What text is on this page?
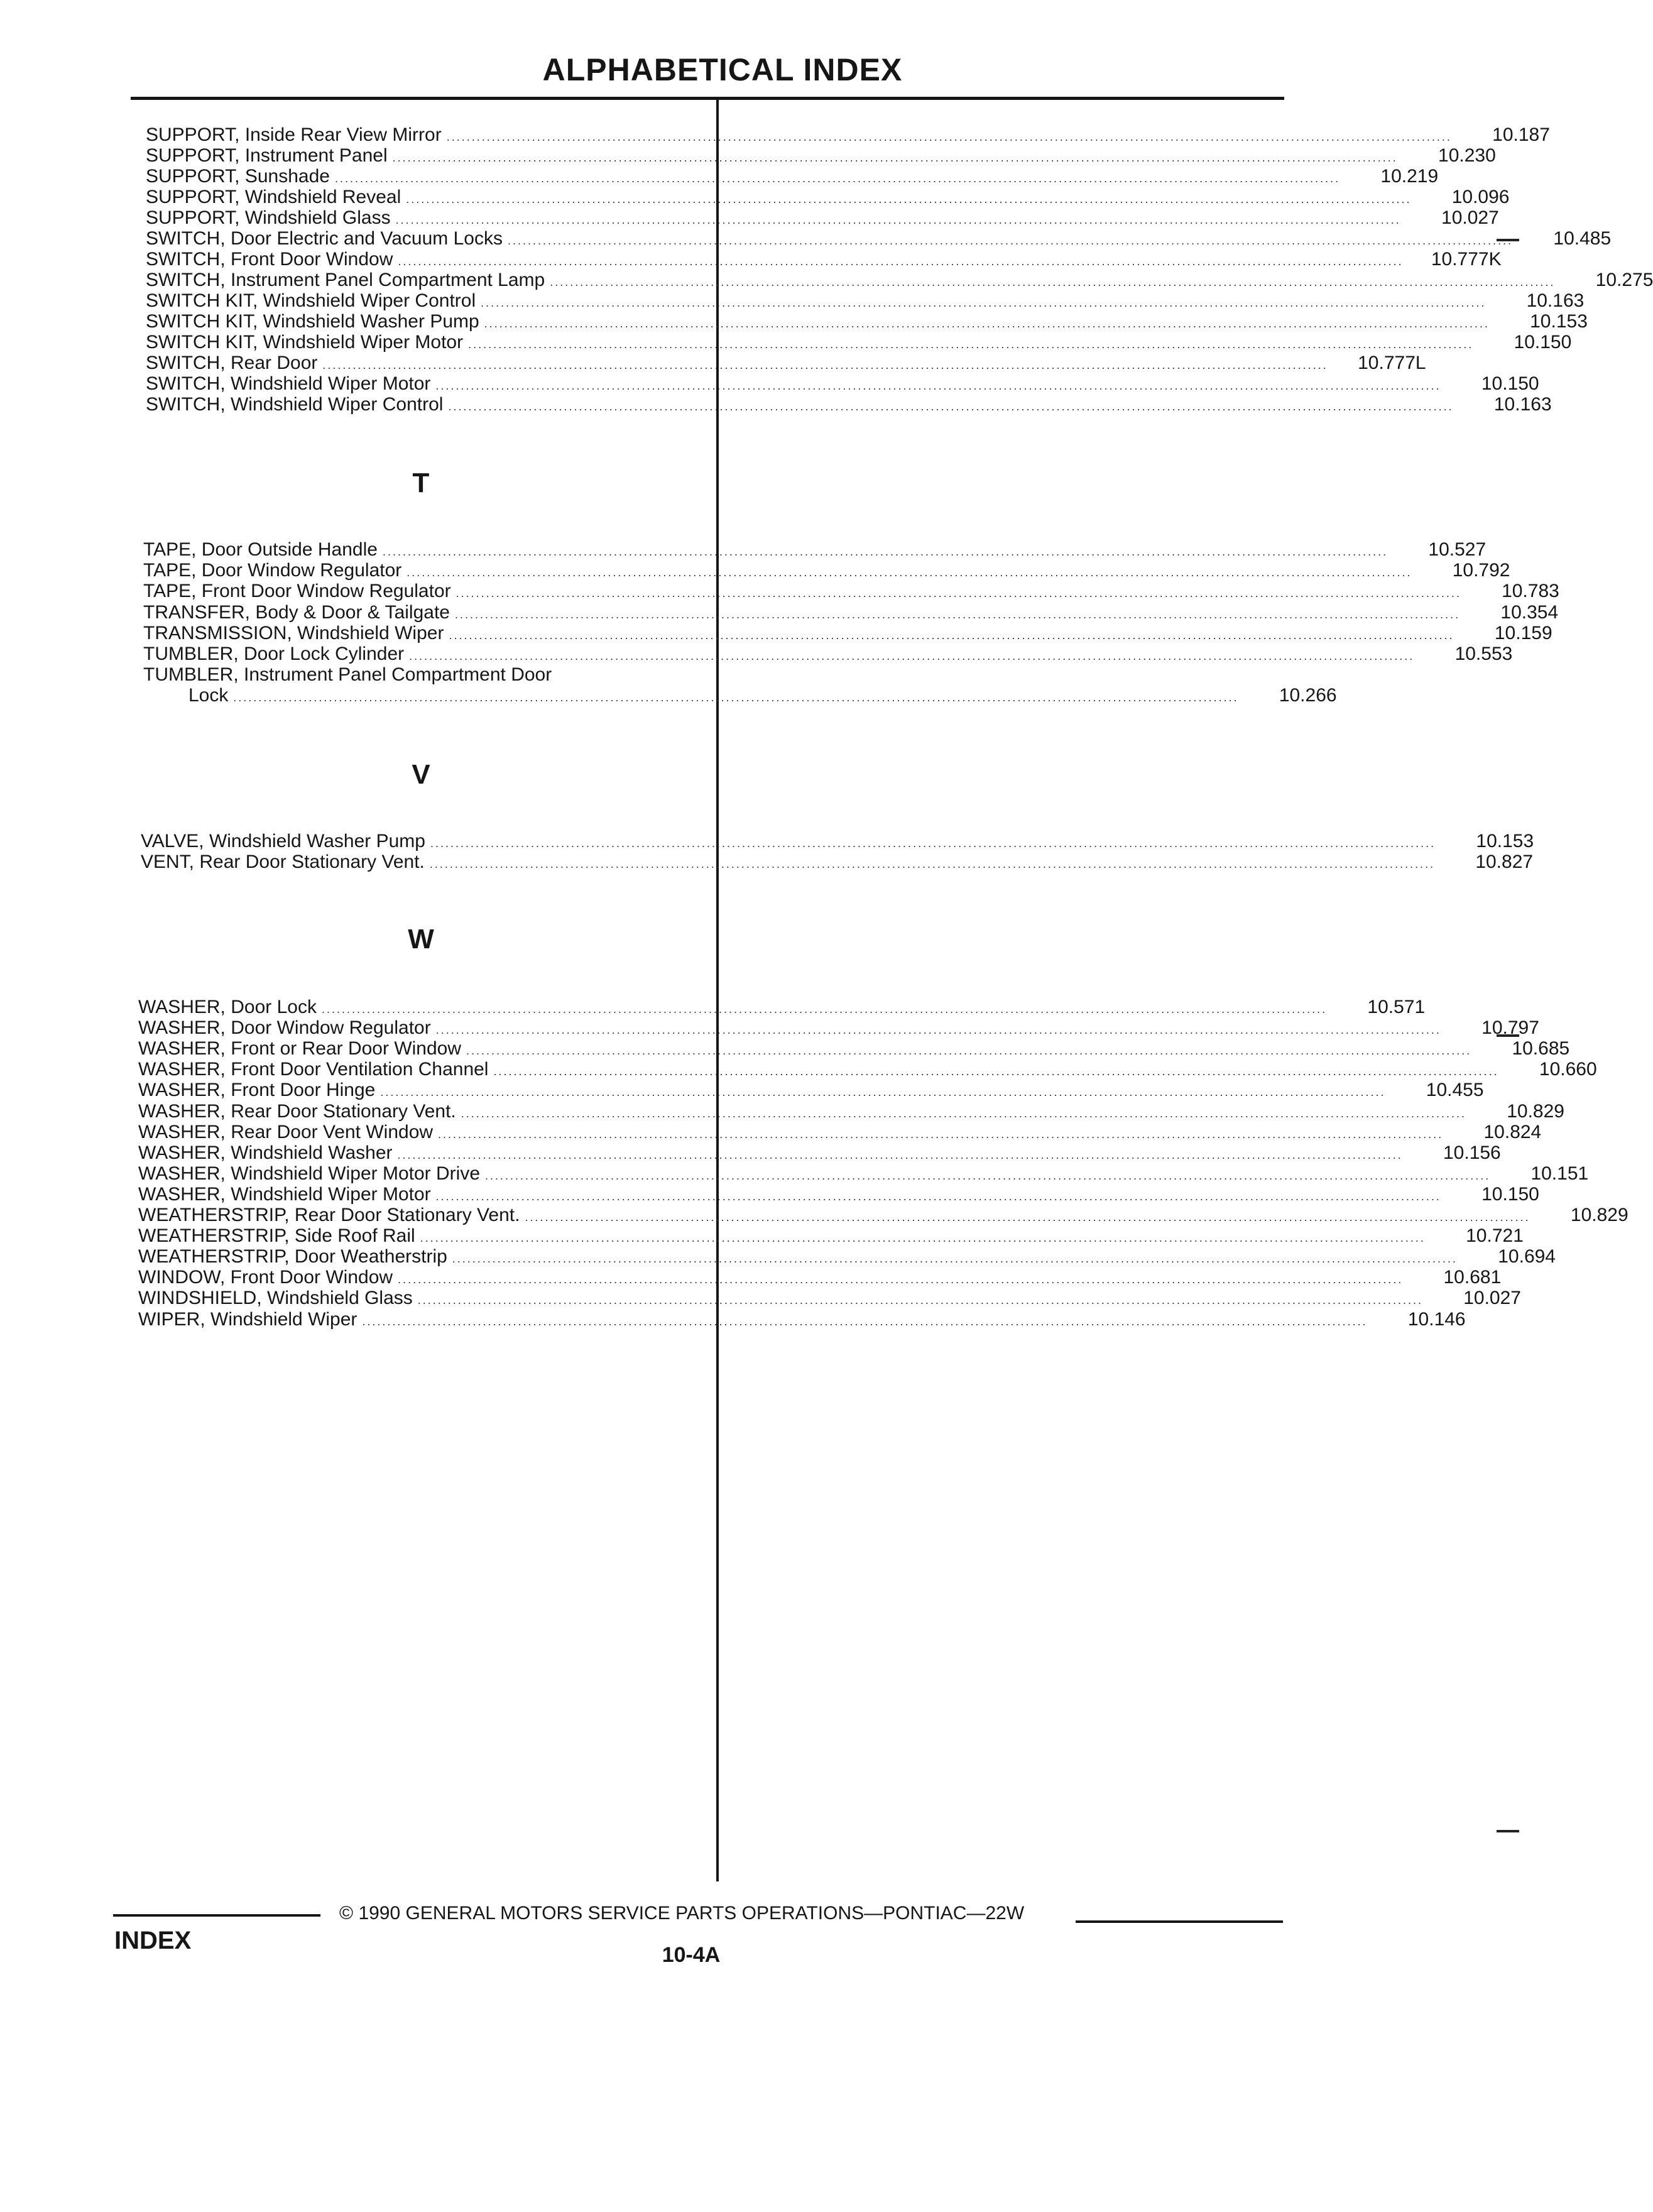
ALPHABETICAL INDEX
SUPPORT, Inside Rear View Mirror ........................................................................................................................................................................................................	10.187
SUPPORT, Instrument Panel ........................................................................................................................................................................................................	10.230
SUPPORT, Sunshade ........................................................................................................................................................................................................	10.219
SUPPORT, Windshield Reveal ........................................................................................................................................................................................................	10.096
SUPPORT, Windshield Glass ........................................................................................................................................................................................................	10.027
SWITCH, Door Electric and Vacuum Locks ........................................................................................................................................................................................................	10.485
SWITCH, Front Door Window ........................................................................................................................................................................................................	10.777K
SWITCH, Instrument Panel Compartment Lamp ........................................................................................................................................................................................................	10.275
SWITCH KIT, Windshield Wiper Control ........................................................................................................................................................................................................	10.163
SWITCH KIT, Windshield Washer Pump ........................................................................................................................................................................................................	10.153
SWITCH KIT, Windshield Wiper Motor ........................................................................................................................................................................................................	10.150
SWITCH, Rear Door ........................................................................................................................................................................................................	10.777L
SWITCH, Windshield Wiper Motor ........................................................................................................................................................................................................	10.150
SWITCH, Windshield Wiper Control ........................................................................................................................................................................................................	10.163
T
TAPE, Door Outside Handle ........................................................................................................................................................................................................	10.527
TAPE, Door Window Regulator ........................................................................................................................................................................................................	10.792
TAPE, Front Door Window Regulator ........................................................................................................................................................................................................	10.783
TRANSFER, Body & Door & Tailgate ........................................................................................................................................................................................................	10.354
TRANSMISSION, Windshield Wiper ........................................................................................................................................................................................................	10.159
TUMBLER, Door Lock Cylinder ........................................................................................................................................................................................................	10.553
TUMBLER, Instrument Panel Compartment Door
Lock ........................................................................................................................................................................................................	10.266
V
VALVE, Windshield Washer Pump ........................................................................................................................................................................................................	10.153
VENT, Rear Door Stationary Vent. ........................................................................................................................................................................................................	10.827
W
WASHER, Door Lock ........................................................................................................................................................................................................	10.571
WASHER, Door Window Regulator ........................................................................................................................................................................................................	10.797
WASHER, Front or Rear Door Window ........................................................................................................................................................................................................	10.685
WASHER, Front Door Ventilation Channel ........................................................................................................................................................................................................	10.660
WASHER, Front Door Hinge ........................................................................................................................................................................................................	10.455
WASHER, Rear Door Stationary Vent. ........................................................................................................................................................................................................	10.829
WASHER, Rear Door Vent Window ........................................................................................................................................................................................................	10.824
WASHER, Windshield Washer ........................................................................................................................................................................................................	10.156
WASHER, Windshield Wiper Motor Drive ........................................................................................................................................................................................................	10.151
WASHER, Windshield Wiper Motor ........................................................................................................................................................................................................	10.150
WEATHERSTRIP, Rear Door Stationary Vent. ........................................................................................................................................................................................................	10.829
WEATHERSTRIP, Side Roof Rail ........................................................................................................................................................................................................	10.721
WEATHERSTRIP, Door Weatherstrip ........................................................................................................................................................................................................	10.694
WINDOW, Front Door Window ........................................................................................................................................................................................................	10.681
WINDSHIELD, Windshield Glass ........................................................................................................................................................................................................	10.027
WIPER, Windshield Wiper ........................................................................................................................................................................................................	10.146
© 1990 GENERAL MOTORS SERVICE PARTS OPERATIONS—PONTIAC—22W
INDEX
10-4A
